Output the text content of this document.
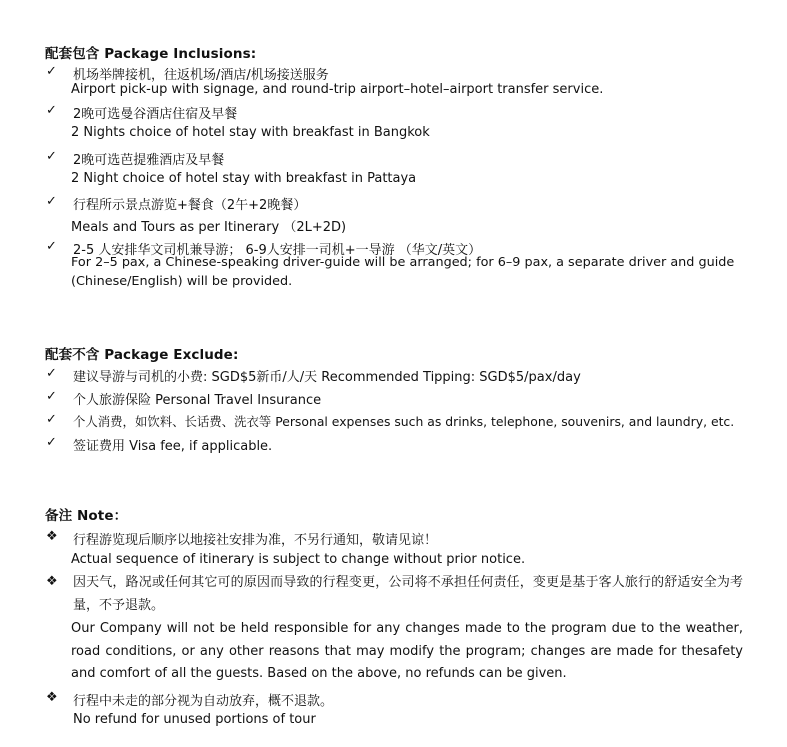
配套包含 Package Inclusions:
✓ 机场举牌接机，往返机场/酒店/机场接送服务
Airport pick-up with signage, and round-trip airport–hotel–airport transfer service.
✓ 2晚可选曼谷酒店住宿及早餐
2 Nights choice of hotel stay with breakfast in Bangkok
✓ 2晚可选芭提雅酒店及早餐
2 Night choice of hotel stay with breakfast in Pattaya
✓ 行程所示景点游览+餐食（2午+2晚餐）
Meals and Tours as per Itinerary （2L+2D)
✓ 2-5 人安排华文司机兼导游； 6-9人安排一司机+一导游 （华文/英文）
For 2–5 pax, a Chinese-speaking driver-guide will be arranged; for 6–9 pax, a separate driver and guide (Chinese/English) will be provided.
配套不含 Package Exclude:
✓ 建议导游与司机的小费: SGD$5新币/人/天 Recommended Tipping: SGD$5/pax/day
✓ 个人旅游保险 Personal Travel Insurance
✓ 个人消费，如饮料、长话费、洗衣等 Personal expenses such as drinks, telephone, souvenirs, and laundry, etc.
✓ 签证费用 Visa fee, if applicable.
备注 Note：
❖ 行程游览现后顺序以地接社安排为准，不另行通知，敬请见谅！
Actual sequence of itinerary is subject to change without prior notice.
❖ 因天气，路况或任何其它可的原因而导致的行程变更，公司将不承担任何责任，变更是基于客人旅行的舒适安全为考量，不予退款。
Our Company will not be held responsible for any changes made to the program due to the weather, road conditions, or any other reasons that may modify the program; changes are made for thesafety and comfort of all the guests. Based on the above, no refunds can be given.
❖ 行程中未走的部分视为自动放弃，概不退款。
No refund for unused portions of tour
